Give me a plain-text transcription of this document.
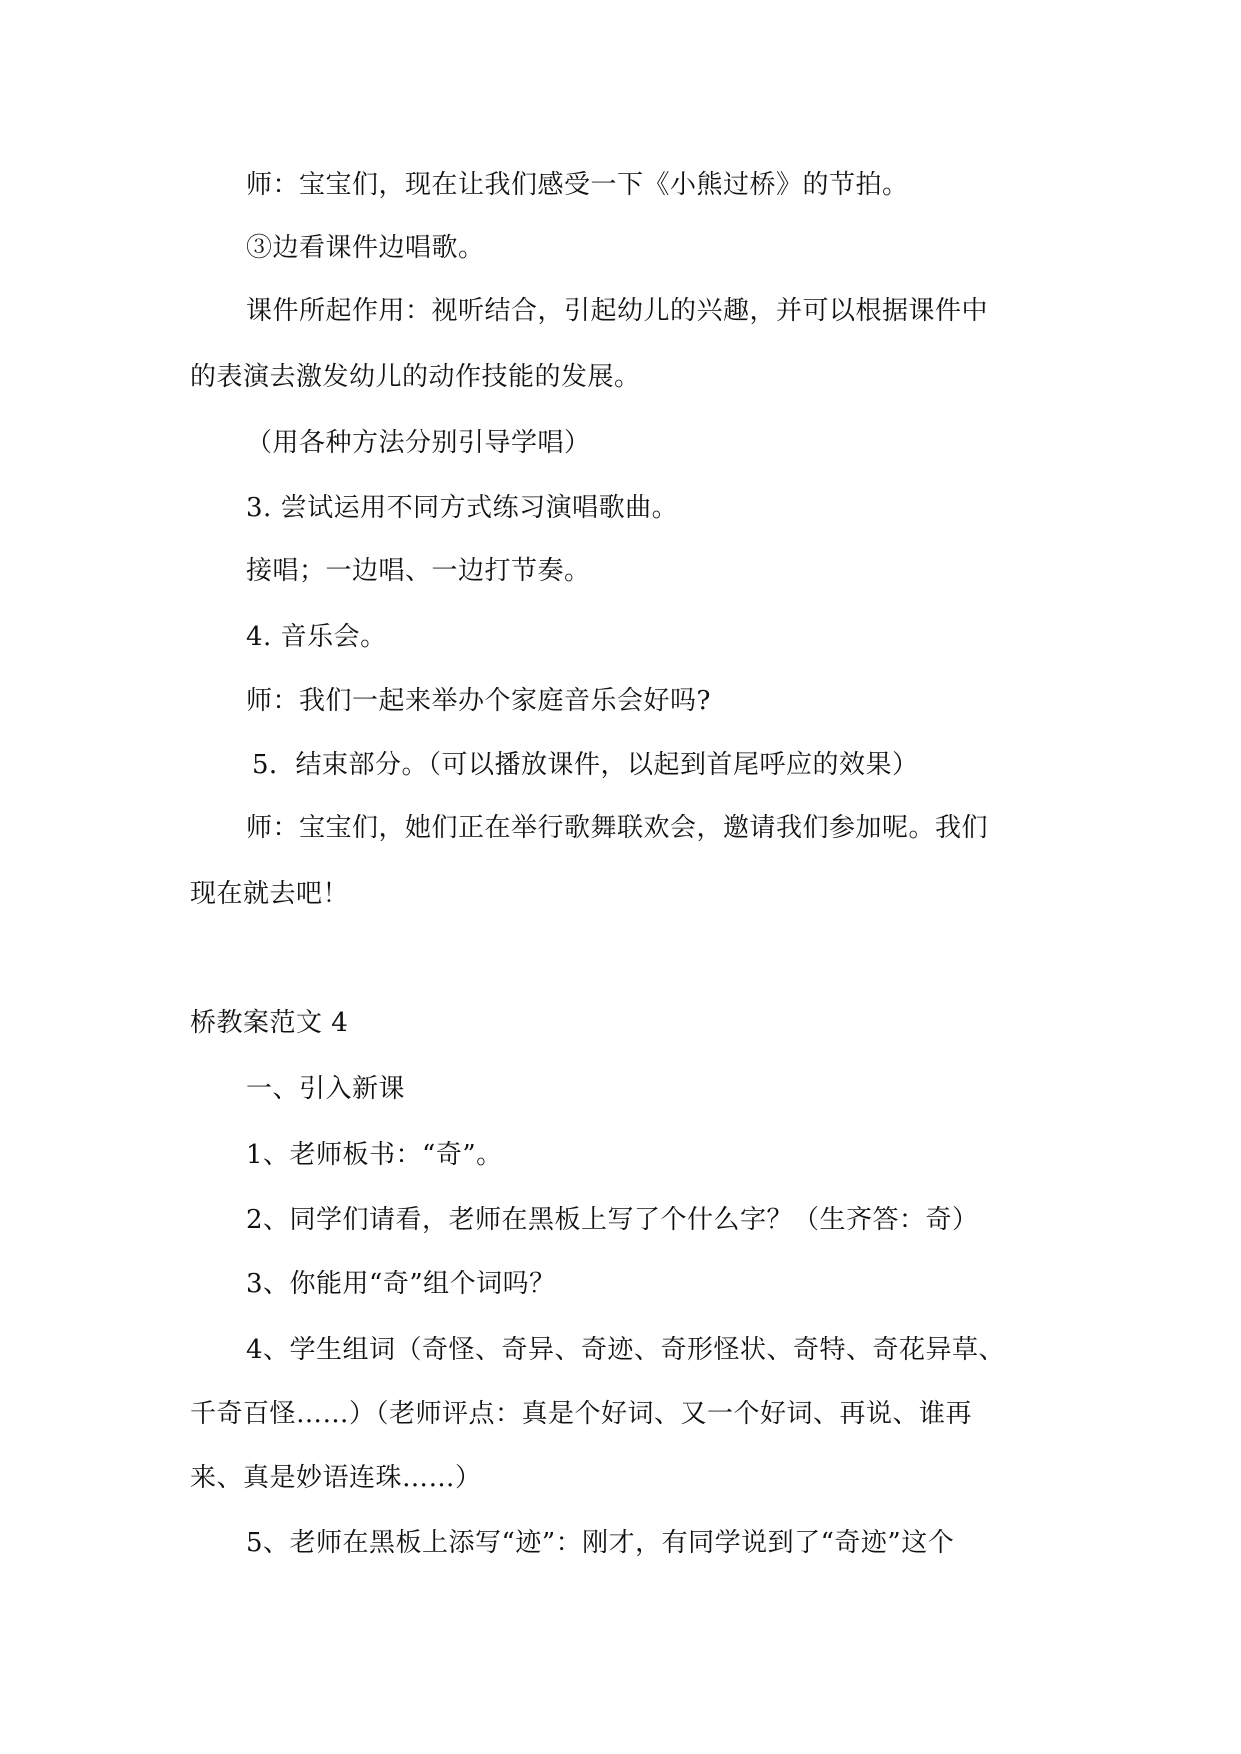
师：宝宝们，现在让我们感受一下《小熊过桥》的节拍。
③边看课件边唱歌。
课件所起作用：视听结合，引起幼儿的兴趣，并可以根据课件中
的表演去激发幼儿的动作技能的发展。
（用各种方法分别引导学唱）
3. 尝试运用不同方式练习演唱歌曲。
接唱；一边唱、一边打节奏。
4. 音乐会。
师：我们一起来举办个家庭音乐会好吗?
5．结束部分。（可以播放课件，以起到首尾呼应的效果）
师：宝宝们，她们正在举行歌舞联欢会，邀请我们参加呢。我们
现在就去吧！
桥教案范文 4
一、引入新课
1、老师板书：“奇”。
2、同学们请看，老师在黑板上写了个什么字？（生齐答：奇）
3、你能用“奇”组个词吗？
4、学生组词（奇怪、奇异、奇迹、奇形怪状、奇特、奇花异草、
千奇百怪……）（老师评点：真是个好词、又一个好词、再说、谁再
来、真是妙语连珠……）
5、老师在黑板上添写“迹”：刚才，有同学说到了“奇迹”这个
